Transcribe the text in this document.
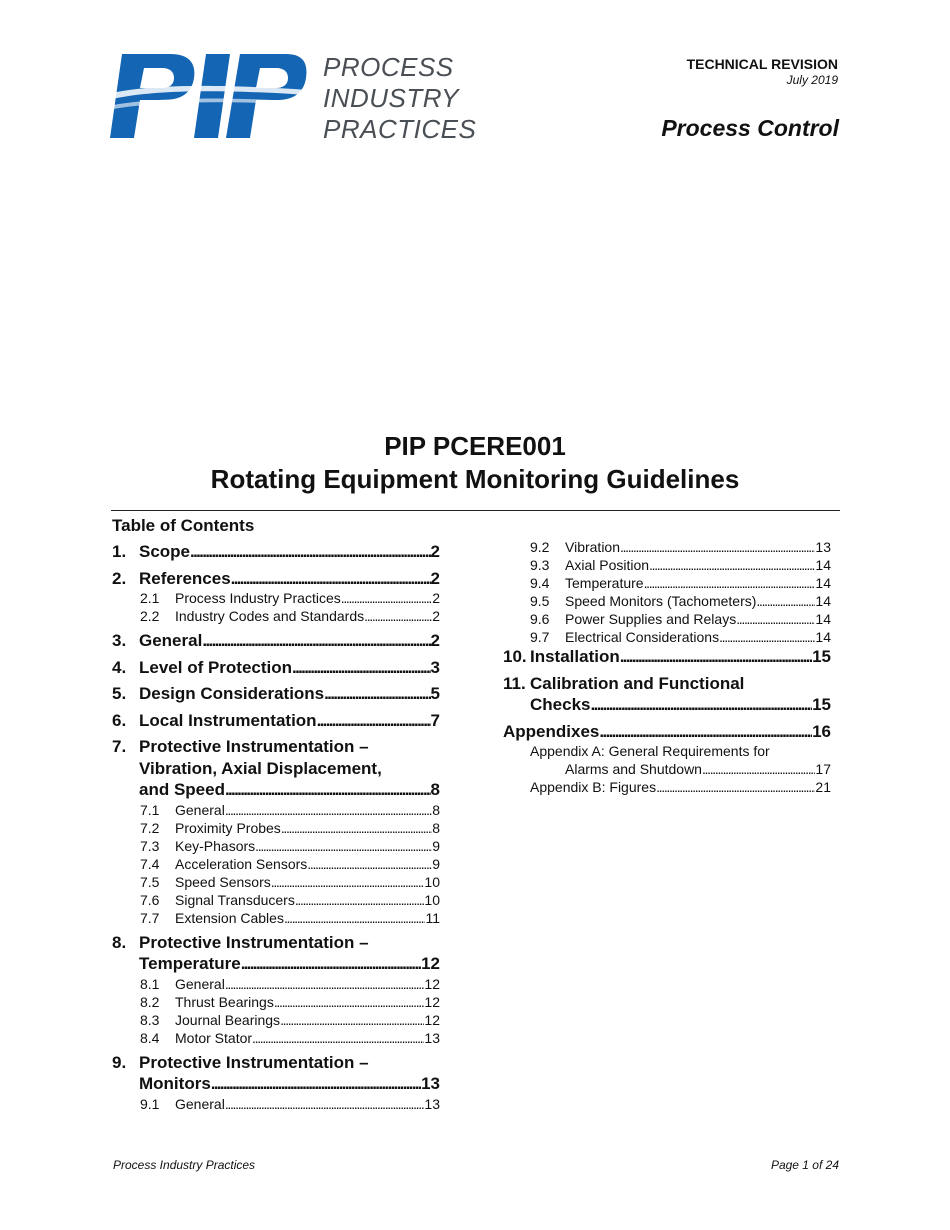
PROCESS
INDUSTRY
PRACTICES
TECHNICAL REVISION
July 2019
Process Control
PIP PCERE001
Rotating Equipment Monitoring Guidelines
Table of Contents
1. Scope . . .	2
2. References . . .	2
2.1	Process Industry Practices . . .	2
2.2	Industry Codes and Standards . . .	2
3. General . . .	2
4. Level of Protection . . .	3
5. Design Considerations . . .	5
6. Local Instrumentation . . .	7
7. Protective Instrumentation –
Vibration, Axial Displacement,
and Speed . . .	8
7.1	General . . .	8
7.2	Proximity Probes . . .	8
7.3	Key-Phasors . . .	9
7.4	Acceleration Sensors . . .	9
7.5	Speed Sensors . . .	10
7.6	Signal Transducers . . .	10
7.7	Extension Cables . . .	11
8. Protective Instrumentation –
Temperature . . .	12
8.1	General . . .	12
8.2	Thrust Bearings . . .	12
8.3	Journal Bearings . . .	12
8.4	Motor Stator . . .	13
9. Protective Instrumentation –
Monitors . . .	13
9.1	General . . .	13
9.2	Vibration . . .	13
9.3	Axial Position . . .	14
9.4	Temperature . . .	14
9.5	Speed Monitors (Tachometers) . . .	14
9.6	Power Supplies and Relays . . .	14
9.7	Electrical Considerations . . .	14
10. Installation . . .	15
11. Calibration and Functional
Checks . . .	15
Appendixes . . .	16
Appendix A: General Requirements for
Alarms and Shutdown . . .	17
Appendix B: Figures . . .	21
Process Industry Practices	Page 1 of 24
